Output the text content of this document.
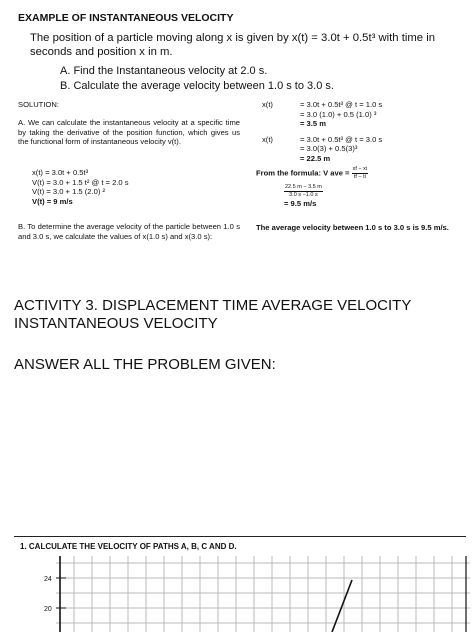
EXAMPLE OF INSTANTANEOUS VELOCITY
The position of a particle moving along x is given by x(t) = 3.0t + 0.5t³ with time in seconds and position x in m.
A. Find the Instantaneous velocity at 2.0 s.
B. Calculate the average velocity between 1.0 s to 3.0 s.
SOLUTION:
A. We can calculate the instantaneous velocity at a specific time by taking the derivative of the position function, which gives us the functional form of instantaneous velocity v(t).
x(t) = 3.0t + 0.5t³
V(t) = 3.0 + 1.5 t² @ t = 2.0 s
V(t) = 3.0 + 1.5 (2.0) ²
V(t) = 9 m/s
B. To determine the average velocity of the particle between 1.0 s and 3.0 s, we calculate the values of x(1.0 s) and x(3.0 s):
x(t)
x(t)
= 3.0t + 0.5t³ @ t = 1.0 s
= 3.0 (1.0) + 0.5 (1.0) ³
= 3.5 m
= 3.0t + 0.5t³ @ t = 3.0 s
= 3.0(3) + 0.5(3)³
= 22.5 m
From the formula: V ave = $\frac{xf - xi}{tf - ti}$
$\frac{22.5 m - 3.5 m}{3.0 s -1.0 s}$
= 9.5 m/s
The average velocity between 1.0 s to 3.0 s is 9.5 m/s.
ACTIVITY 3. DISPLACEMENT TIME AVERAGE VELOCITY INSTANTANEOUS VELOCITY
ANSWER ALL THE PROBLEM GIVEN:
1. CALCULATE THE VELOCITY OF PATHS A, B, C AND D.
24
20
